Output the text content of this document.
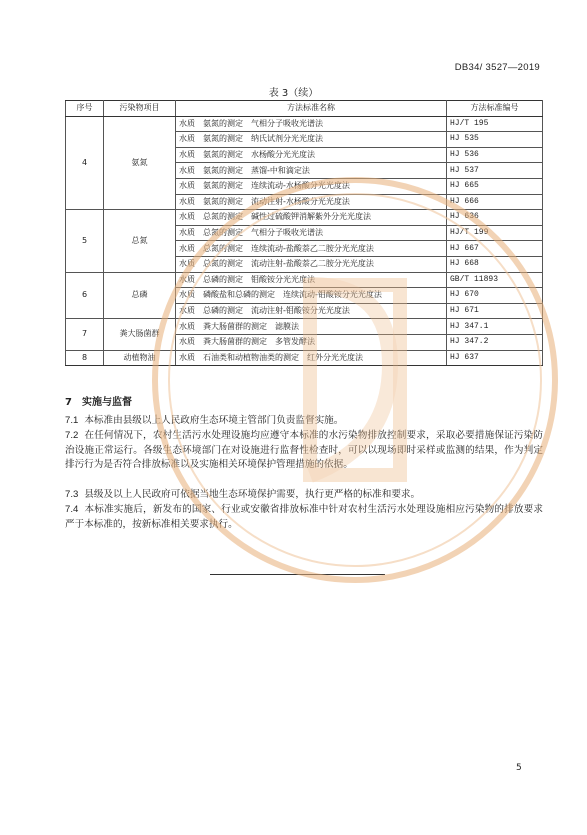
DB34/ 3527—2019
表 3（续）
序号	污染物项目	方法标准名称	方法标准编号
4	氨氮	水质　氨氮的测定　气相分子吸收光谱法	HJ/T 195
		水质　氨氮的测定　纳氏试剂分光光度法	HJ 535
		水质　氨氮的测定　水杨酸分光光度法	HJ 536
		水质　氨氮的测定　蒸馏-中和滴定法	HJ 537
		水质　氨氮的测定　连续流动-水杨酸分光光度法	HJ 665
		水质　氨氮的测定　流动注射-水杨酸分光光度法	HJ 666
5	总氮	水质　总氮的测定　碱性过硫酸钾消解紫外分光光度法	HJ 636
		水质　总氮的测定　气相分子吸收光谱法	HJ/T 199
		水质　总氮的测定　连续流动-盐酸萘乙二胺分光光度法	HJ 667
		水质　总氮的测定　流动注射-盐酸萘乙二胺分光光度法	HJ 668
6	总磷	水质　总磷的测定　钼酸铵分光光度法	GB/T 11893
		水质　磷酸盐和总磷的测定　连续流动-钼酸铵分光光度法	HJ 670
		水质　总磷的测定　流动注射-钼酸铵分光光度法	HJ 671
7	粪大肠菌群	水质　粪大肠菌群的测定　滤膜法	HJ 347.1
		水质　粪大肠菌群的测定　多管发酵法	HJ 347.2
8	动植物油	水质　石油类和动植物油类的测定　红外分光光度法	HJ 637
7　实施与监督
7.1 本标准由县级以上人民政府生态环境主管部门负责监督实施。
7.2 在任何情况下，农村生活污水处理设施均应遵守本标准的水污染物排放控制要求，采取必要措施保证污染防治设施正常运行。各级生态环境部门在对设施进行监督性检查时，可以以现场即时采样或监测的结果，作为判定排污行为是否符合排放标准以及实施相关环境保护管理措施的依据。
7.3 县级及以上人民政府可依据当地生态环境保护需要，执行更严格的标准和要求。
7.4 本标准实施后，新发布的国家、行业或安徽省排放标准中针对农村生活污水处理设施相应污染物的排放要求严于本标准的，按新标准相关要求执行。
5
